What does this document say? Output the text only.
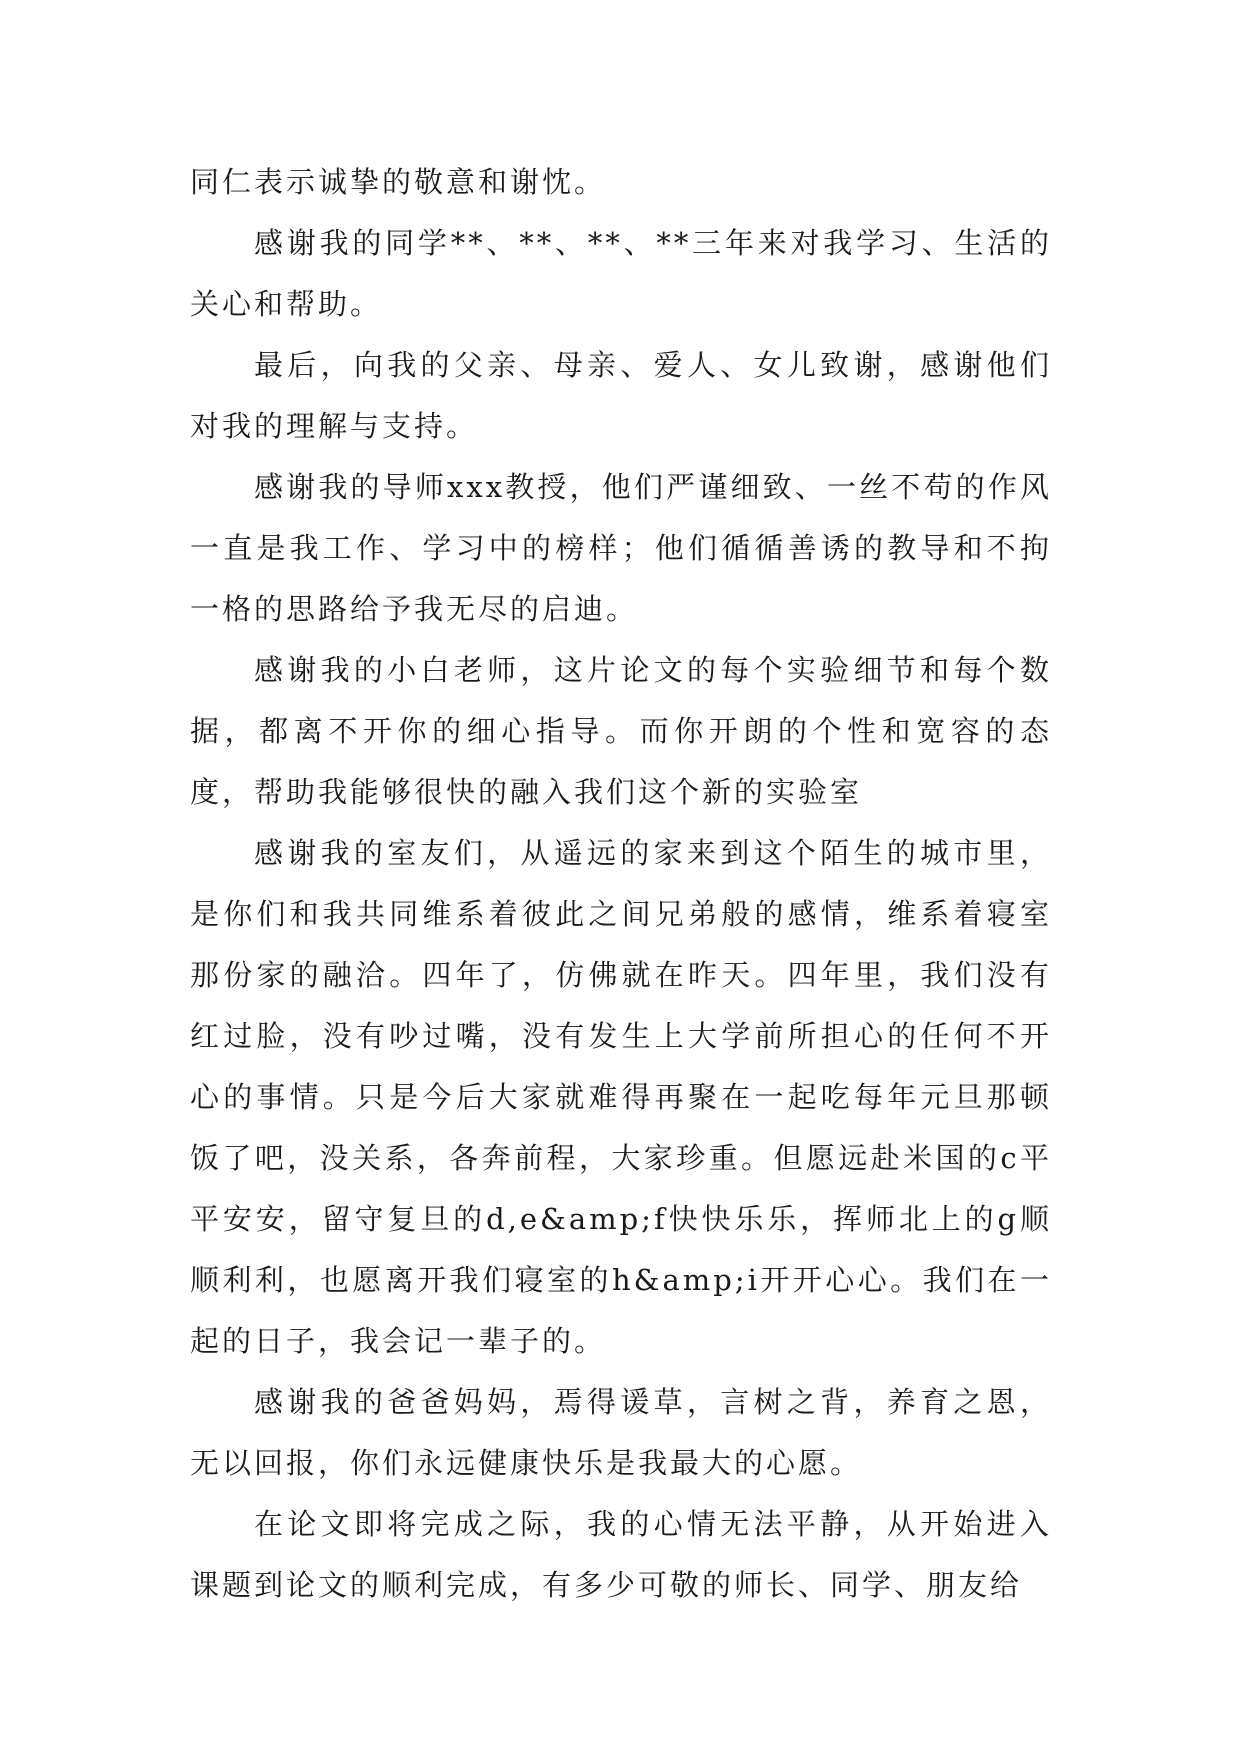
同仁表示诚挚的敬意和谢忱。

感谢我的同学**、**、**、**三年来对我学习、生活的关心和帮助。

最后，向我的父亲、母亲、爱人、女儿致谢，感谢他们对我的理解与支持。

感谢我的导师xxx教授，他们严谨细致、一丝不苟的作风一直是我工作、学习中的榜样；他们循循善诱的教导和不拘一格的思路给予我无尽的启迪。

感谢我的小白老师，这片论文的每个实验细节和每个数据，都离不开你的细心指导。而你开朗的个性和宽容的态度，帮助我能够很快的融入我们这个新的实验室

感谢我的室友们，从遥远的家来到这个陌生的城市里，是你们和我共同维系着彼此之间兄弟般的感情，维系着寝室那份家的融洽。四年了，仿佛就在昨天。四年里，我们没有红过脸，没有吵过嘴，没有发生上大学前所担心的任何不开心的事情。只是今后大家就难得再聚在一起吃每年元旦那顿饭了吧，没关系，各奔前程，大家珍重。但愿远赴米国的c平平安安，留守复旦的d,e&amp;f快快乐乐，挥师北上的g顺顺利利，也愿离开我们寝室的h&amp;i开开心心。我们在一起的日子，我会记一辈子的。

感谢我的爸爸妈妈，焉得谖草，言树之背，养育之恩，无以回报，你们永远健康快乐是我最大的心愿。

在论文即将完成之际，我的心情无法平静，从开始进入课题到论文的顺利完成，有多少可敬的师长、同学、朋友给
